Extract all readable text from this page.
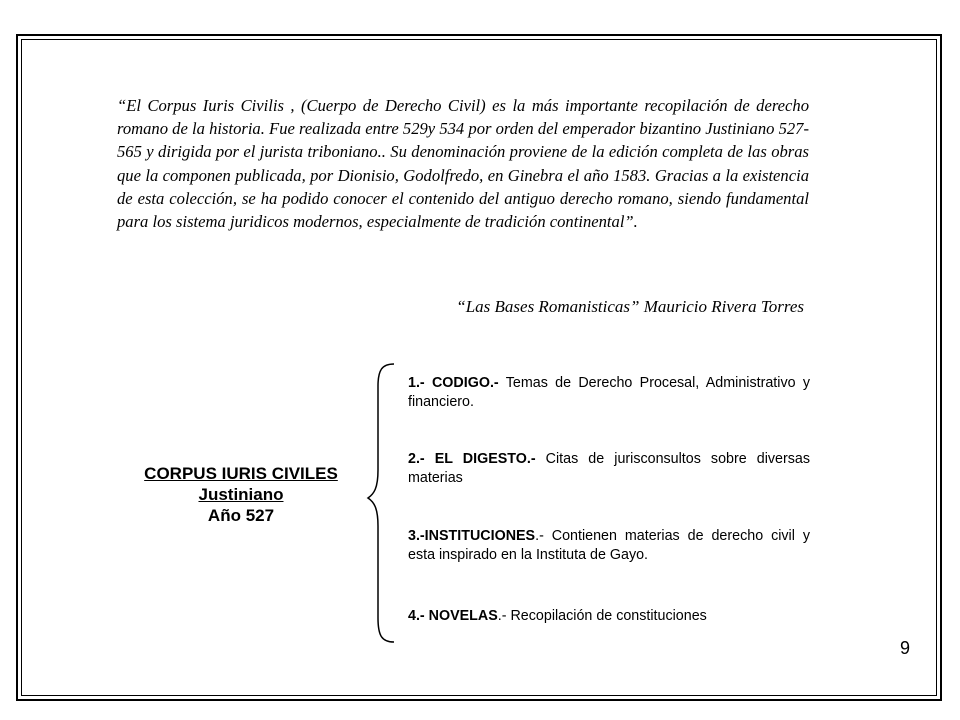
“El Corpus Iuris Civilis , (Cuerpo de Derecho Civil) es la más importante recopilación de derecho romano de la historia. Fue realizada entre 529y 534 por orden del emperador bizantino Justiniano 527-565 y dirigida por el jurista triboniano.. Su denominación proviene de la edición completa de las obras que la componen publicada, por Dionisio, Godolfredo, en Ginebra el año 1583. Gracias a la existencia de esta colección, se ha podido conocer el contenido del antiguo derecho romano, siendo fundamental para los sistema juridicos modernos, especialmente de tradición continental”.

“Las Bases Romanisticas” Mauricio Rivera Torres

CORPUS IURIS CIVILES
Justiniano
Año 527

1.- CODIGO.- Temas de Derecho Procesal, Administrativo y financiero.

2.- EL DIGESTO.- Citas de jurisconsultos sobre diversas materias

3.-INSTITUCIONES.- Contienen materias de derecho civil y esta inspirado en la Instituta de Gayo.

4.- NOVELAS.- Recopilación de constituciones

9
